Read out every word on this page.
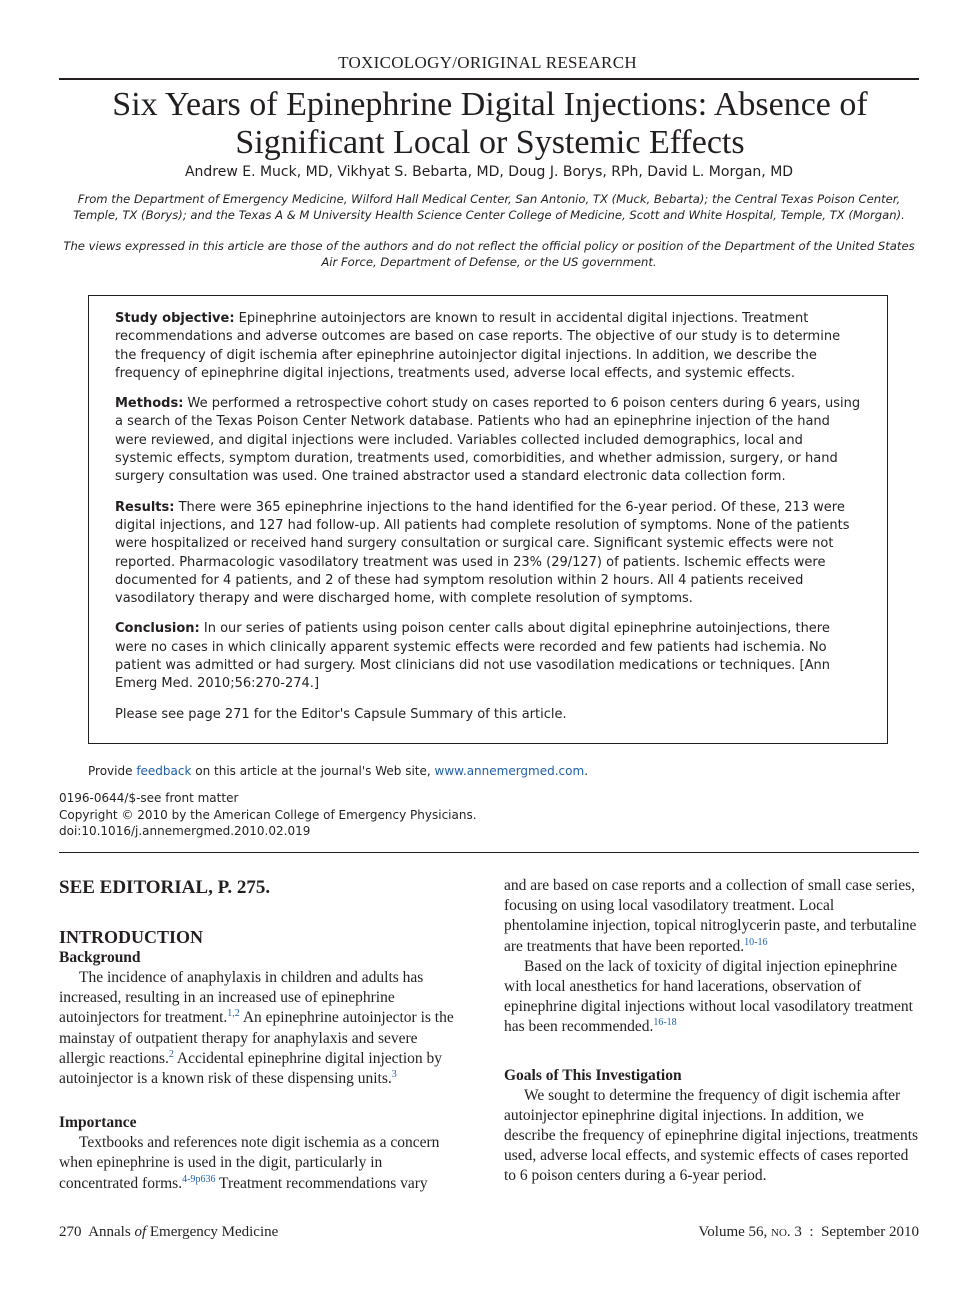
TOXICOLOGY/ORIGINAL RESEARCH
Six Years of Epinephrine Digital Injections: Absence of Significant Local or Systemic Effects
Andrew E. Muck, MD, Vikhyat S. Bebarta, MD, Doug J. Borys, RPh, David L. Morgan, MD
From the Department of Emergency Medicine, Wilford Hall Medical Center, San Antonio, TX (Muck, Bebarta); the Central Texas Poison Center, Temple, TX (Borys); and the Texas A & M University Health Science Center College of Medicine, Scott and White Hospital, Temple, TX (Morgan).
The views expressed in this article are those of the authors and do not reflect the official policy or position of the Department of the United States Air Force, Department of Defense, or the US government.

Study objective: Epinephrine autoinjectors are known to result in accidental digital injections. Treatment recommendations and adverse outcomes are based on case reports. The objective of our study is to determine the frequency of digit ischemia after epinephrine autoinjector digital injections. In addition, we describe the frequency of epinephrine digital injections, treatments used, adverse local effects, and systemic effects.

Methods: We performed a retrospective cohort study on cases reported to 6 poison centers during 6 years, using a search of the Texas Poison Center Network database. Patients who had an epinephrine injection of the hand were reviewed, and digital injections were included. Variables collected included demographics, local and systemic effects, symptom duration, treatments used, comorbidities, and whether admission, surgery, or hand surgery consultation was used. One trained abstractor used a standard electronic data collection form.

Results: There were 365 epinephrine injections to the hand identified for the 6-year period. Of these, 213 were digital injections, and 127 had follow-up. All patients had complete resolution of symptoms. None of the patients were hospitalized or received hand surgery consultation or surgical care. Significant systemic effects were not reported. Pharmacologic vasodilatory treatment was used in 23% (29/127) of patients. Ischemic effects were documented for 4 patients, and 2 of these had symptom resolution within 2 hours. All 4 patients received vasodilatory therapy and were discharged home, with complete resolution of symptoms.

Conclusion: In our series of patients using poison center calls about digital epinephrine autoinjections, there were no cases in which clinically apparent systemic effects were recorded and few patients had ischemia. No patient was admitted or had surgery. Most clinicians did not use vasodilation medications or techniques. [Ann Emerg Med. 2010;56:270-274.]

Please see page 271 for the Editor's Capsule Summary of this article.

Provide feedback on this article at the journal's Web site, www.annemergmed.com.
0196-0644/$-see front matter
Copyright © 2010 by the American College of Emergency Physicians.
doi:10.1016/j.annemergmed.2010.02.019

SEE EDITORIAL, P. 275.

INTRODUCTION

Background

The incidence of anaphylaxis in children and adults has increased, resulting in an increased use of epinephrine autoinjectors for treatment.$^{1,2}$ An epinephrine autoinjector is the mainstay of outpatient therapy for anaphylaxis and severe allergic reactions.$^2$ Accidental epinephrine digital injection by autoinjector is a known risk of these dispensing units.$^3$

Importance

Textbooks and references note digit ischemia as a concern when epinephrine is used in the digit, particularly in concentrated forms.$^{4-9p636}$ Treatment recommendations vary

and are based on case reports and a collection of small case series, focusing on using local vasodilatory treatment. Local phentolamine injection, topical nitroglycerin paste, and terbutaline are treatments that have been reported.$^{10-16}$

Based on the lack of toxicity of digital injection epinephrine with local anesthetics for hand lacerations, observation of epinephrine digital injections without local vasodilatory treatment has been recommended.$^{16-18}$

Goals of This Investigation

We sought to determine the frequency of digit ischemia after autoinjector epinephrine digital injections. In addition, we describe the frequency of epinephrine digital injections, treatments used, adverse local effects, and systemic effects of cases reported to 6 poison centers during a 6-year period.

270 Annals of Emergency Medicine	Volume 56, no. 3 : September 2010
